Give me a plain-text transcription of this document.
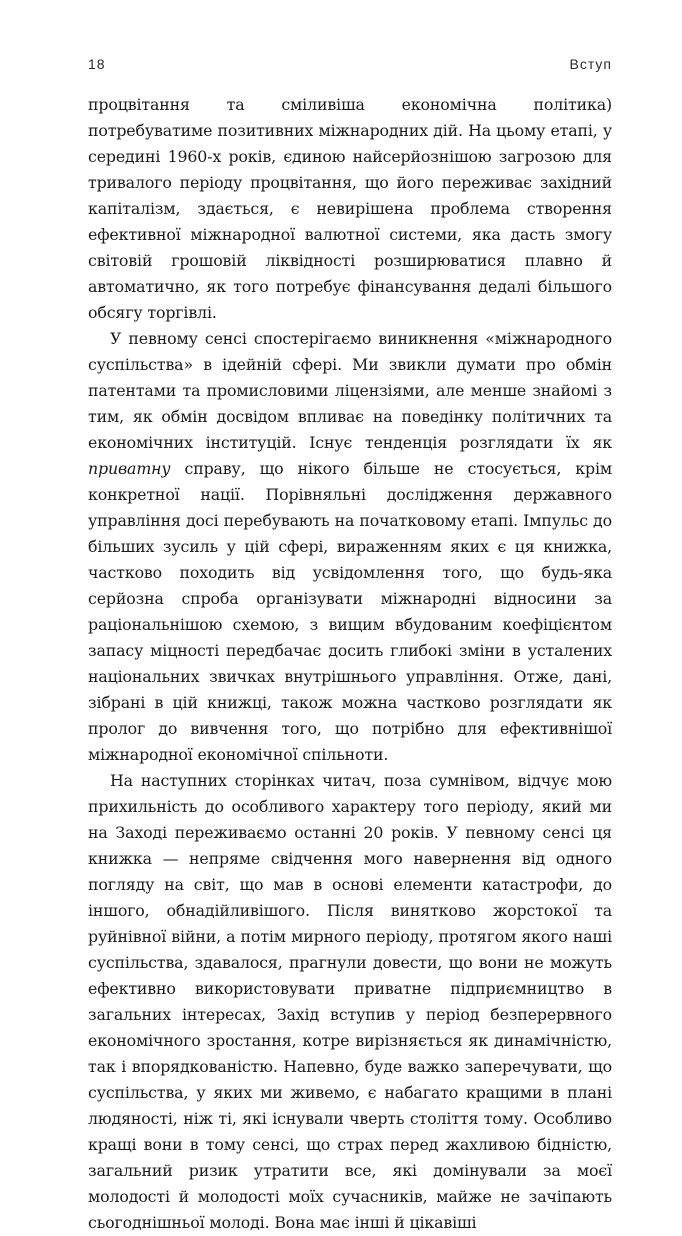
18	Вступ

процвітання та сміливіша економічна політика) потребуватиме позитивних міжнародних дій. На цьому етапі, у середині 1960-х років, єдиною найсерйознішою загрозою для тривалого періоду процвітання, що його переживає західний капіталізм, здається, є невирішена проблема створення ефективної міжнародної валютної системи, яка дасть змогу світовій грошовій ліквідності розширюватися плавно й автоматично, як того потребує фінансування дедалі більшого обсягу торгівлі.

У певному сенсі спостерігаємо виникнення «міжнародного суспільства» в ідейній сфері. Ми звикли думати про обмін патентами та промисловими ліцензіями, але менше знайомі з тим, як обмін досвідом впливає на поведінку політичних та економічних інституцій. Існує тенденція розглядати їх як приватну справу, що нікого більше не стосується, крім конкретної нації. Порівняльні дослідження державного управління досі перебувають на початковому етапі. Імпульс до більших зусиль у цій сфері, вираженням яких є ця книжка, частково походить від усвідомлення того, що будь-яка серйозна спроба організувати міжнародні відносини за раціональнішою схемою, з вищим вбудованим коефіцієнтом запасу міцності передбачає досить глибокі зміни в усталених національних звичках внутрішнього управління. Отже, дані, зібрані в цій книжці, також можна частково розглядати як пролог до вивчення того, що потрібно для ефективнішої міжнародної економічної спільноти.

На наступних сторінках читач, поза сумнівом, відчує мою прихильність до особливого характеру того періоду, який ми на Заході переживаємо останні 20 років. У певному сенсі ця книжка — непряме свідчення мого навернення від одного погляду на світ, що мав в основі елементи катастрофи, до іншого, обнадійливішого. Після винятково жорстокої та руйнівної війни, а потім мирного періоду, протягом якого наші суспільства, здавалося, прагнули довести, що вони не можуть ефективно використовувати приватне підприємництво в загальних інтересах, Захід вступив у період безперервного економічного зростання, котре вирізняється як динамічністю, так і впорядкованістю. Напевно, буде важко заперечувати, що суспільства, у яких ми живемо, є набагато кращими в плані людяності, ніж ті, які існували чверть століття тому. Особливо кращі вони в тому сенсі, що страх перед жахливою бідністю, загальний ризик утратити все, які домінували за моєї молодості й молодості моїх сучасників, майже не зачіпають сьогоднішньої молоді. Вона має інші й цікавіші
